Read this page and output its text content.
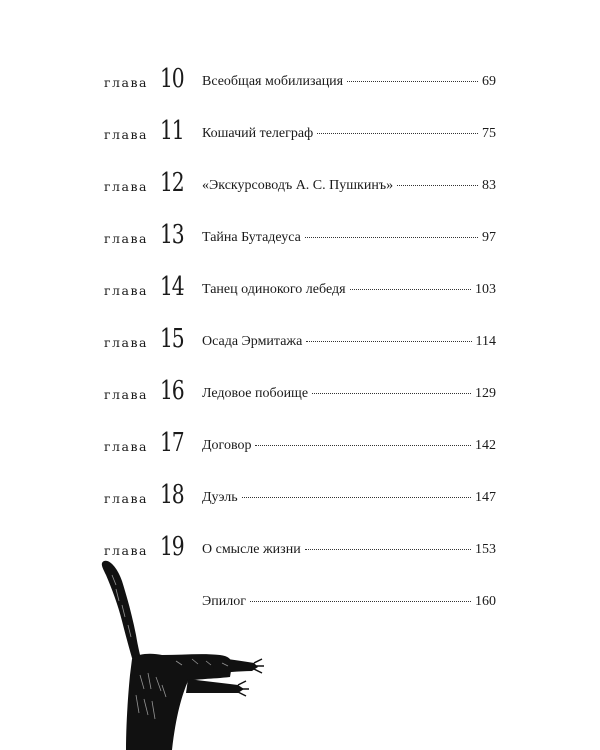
глава 10 Всеобщая мобилизация	69
глава 11 Кошачий телеграф	75
глава 12 «Экскурсоводъ А. С. Пушкинъ»	83
глава 13 Тайна Бутадеуса	97
глава 14 Танец одинокого лебедя	103
глава 15 Осада Эрмитажа	114
глава 16 Ледовое побоище	129
глава 17 Договор	142
глава 18 Дуэль	147
глава 19 О смысле жизни	153
Эпилог	160
